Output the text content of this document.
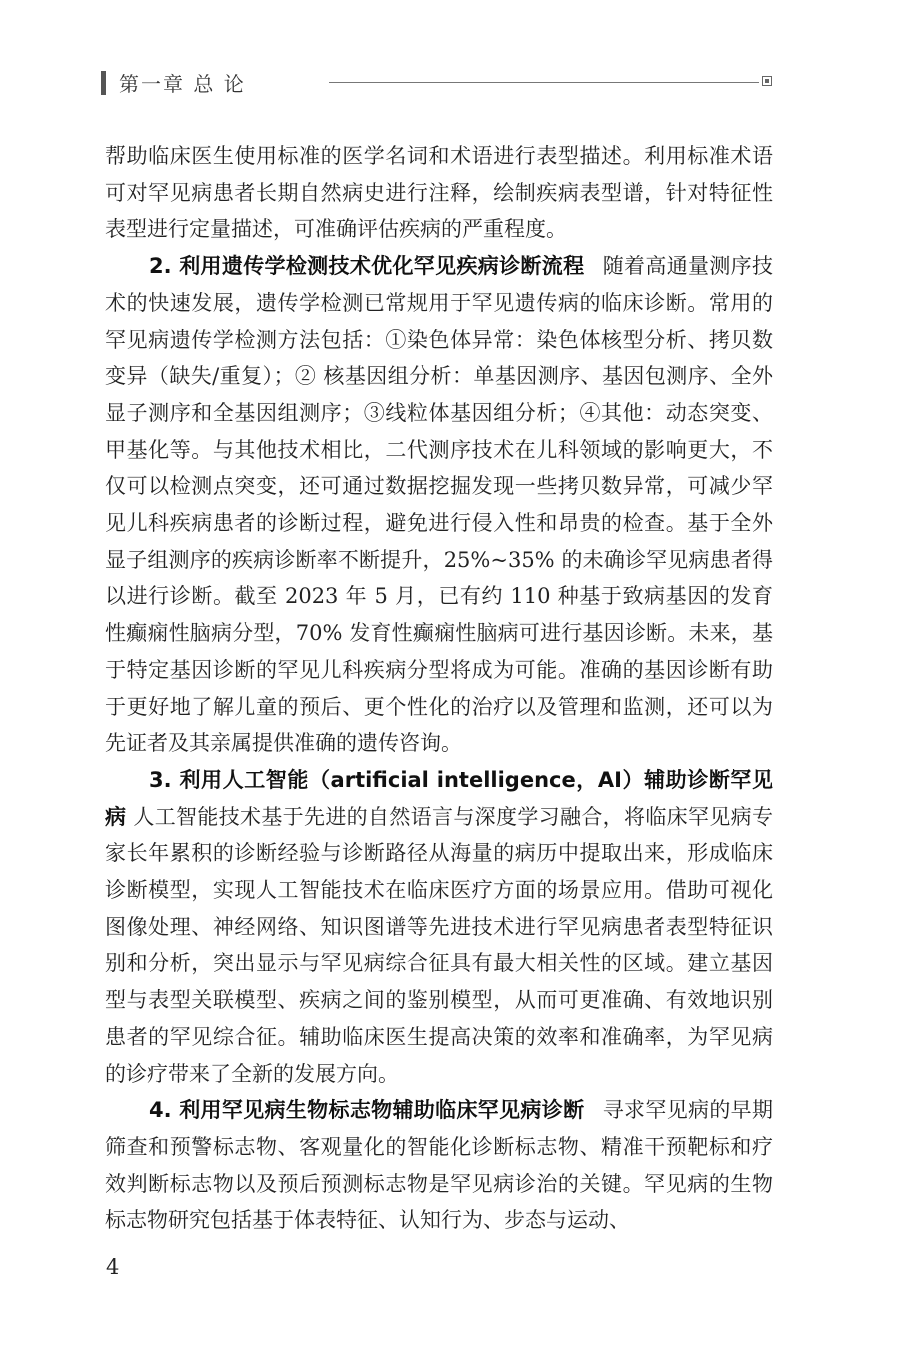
第一章 总 论

帮助临床医生使用标准的医学名词和术语进行表型描述。利用标准术语可对罕见病患者长期自然病史进行注释，绘制疾病表型谱，针对特征性表型进行定量描述，可准确评估疾病的严重程度。

2. 利用遗传学检测技术优化罕见疾病诊断流程 随着高通量测序技术的快速发展，遗传学检测已常规用于罕见遗传病的临床诊断。常用的罕见病遗传学检测方法包括：①染色体异常：染色体核型分析、拷贝数变异（缺失/重复）；② 核基因组分析：单基因测序、基因包测序、全外显子测序和全基因组测序；③线粒体基因组分析；④其他：动态突变、甲基化等。与其他技术相比，二代测序技术在儿科领域的影响更大，不仅可以检测点突变，还可通过数据挖掘发现一些拷贝数异常，可减少罕见儿科疾病患者的诊断过程，避免进行侵入性和昂贵的检查。基于全外显子组测序的疾病诊断率不断提升，25%~35% 的未确诊罕见病患者得以进行诊断。截至 2023 年 5 月，已有约 110 种基于致病基因的发育性癫痫性脑病分型，70% 发育性癫痫性脑病可进行基因诊断。未来，基于特定基因诊断的罕见儿科疾病分型将成为可能。准确的基因诊断有助于更好地了解儿童的预后、更个性化的治疗以及管理和监测，还可以为先证者及其亲属提供准确的遗传咨询。

3. 利用人工智能（artificial intelligence，AI）辅助诊断罕见病 人工智能技术基于先进的自然语言与深度学习融合，将临床罕见病专家长年累积的诊断经验与诊断路径从海量的病历中提取出来，形成临床诊断模型，实现人工智能技术在临床医疗方面的场景应用。借助可视化图像处理、神经网络、知识图谱等先进技术进行罕见病患者表型特征识别和分析，突出显示与罕见病综合征具有最大相关性的区域。建立基因型与表型关联模型、疾病之间的鉴别模型，从而可更准确、有效地识别患者的罕见综合征。辅助临床医生提高决策的效率和准确率，为罕见病的诊疗带来了全新的发展方向。

4. 利用罕见病生物标志物辅助临床罕见病诊断 寻求罕见病的早期筛查和预警标志物、客观量化的智能化诊断标志物、精准干预靶标和疗效判断标志物以及预后预测标志物是罕见病诊治的关键。罕见病的生物标志物研究包括基于体表特征、认知行为、步态与运动、

4
